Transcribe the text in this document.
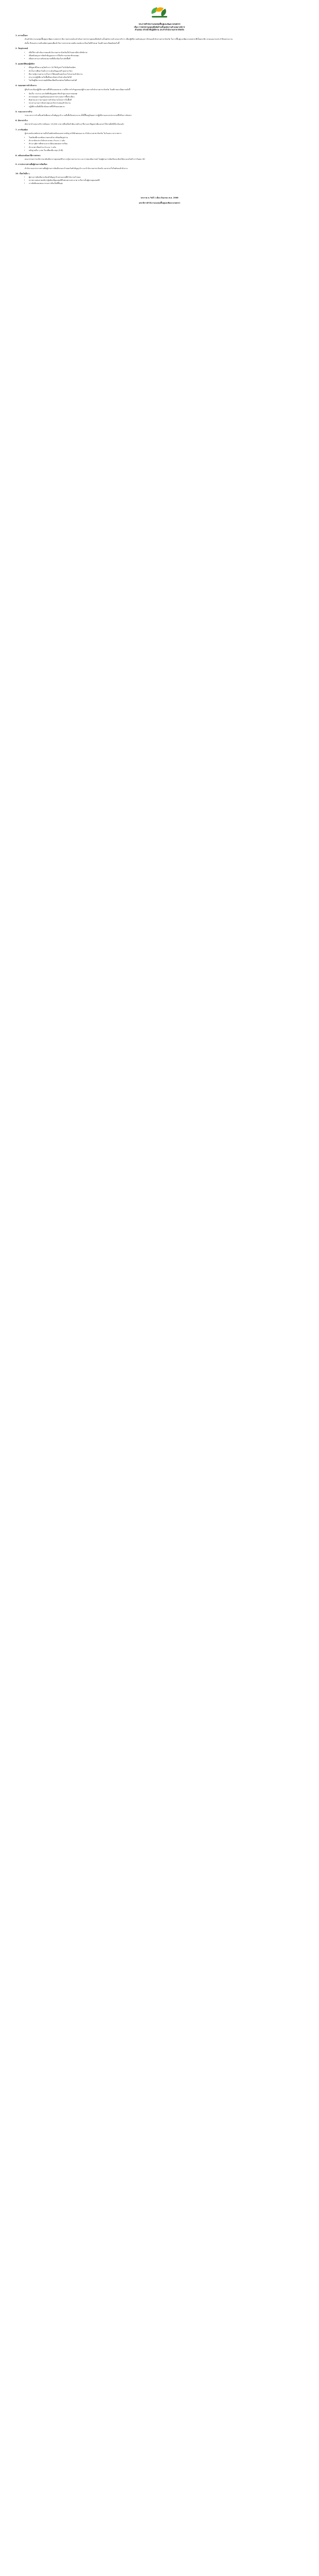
ประกาศสำนักงานกองทุนฟื้นฟูและพัฒนาเกษตรกร
เรื่อง การสรรหาบุคคลเพื่อจัดจ้างเป็นพนักงานจ้างเหมาบริการ
ตำแหน่ง เจ้าหน้าที่ปฏิบัติงาน ประจำสำนักงานสาขาจังหวัด
1. ความเป็นมา

ด้วยสำนักงานกองทุนฟื้นฟูและพัฒนาเกษตรกร มีความประสงค์จะดำเนินการสรรหาบุคคลเพื่อจัดจ้างเป็นพนักงานจ้างเหมาบริการ เพื่อปฏิบัติงานสนับสนุนภารกิจของสำนักงานสาขาจังหวัด ในการฟื้นฟูและพัฒนาเกษตรกรที่เป็นสมาชิก ตามแผนงานประจำปีงบประมาณ

ดังนั้น จึงขอประกาศรับสมัครบุคคลเพื่อเข้ารับการสรรหาตามหลักเกณฑ์และเงื่อนไขที่กำหนด โดยมีรายละเอียดดังต่อไปนี้

2. วัตถุประสงค์
• เพื่อให้การดำเนินงานของสำนักงานสาขาจังหวัดเป็นไปอย่างมีประสิทธิภาพ
• เพื่อสนับสนุนการจัดทำข้อมูลและการให้บริการแก่สมาชิกกองทุน
• เพื่อประสานงานกับหน่วยงานที่เกี่ยวข้องในระดับพื้นที่
3. คุณสมบัติของผู้สมัคร
• มีสัญชาติไทย อายุไม่ต่ำกว่า 20 ปีบริบูรณ์ ในวันปิดรับสมัคร
• สำเร็จการศึกษาไม่ต่ำกว่าระดับปริญญาตรี ทุกสาขาวิชา
• มีความรู้ความสามารถในการใช้คอมพิวเตอร์และโปรแกรมสำนักงาน
• สามารถปฏิบัติงานในพื้นที่และเดินทางไปต่างจังหวัดได้
• ไม่เป็นผู้มีความประพฤติเสื่อมเสียหรือบกพร่องในศีลธรรมอันดี
4. ขอบเขตการดำเนินงาน

ผู้รับจ้างจะต้องปฏิบัติงานตามที่ได้รับมอบหมาย ภายใต้การกำกับดูแลของผู้อำนวยการสำนักงานสาขาจังหวัด โดยมีรายละเอียดงานดังนี้

• จัดเก็บ รวบรวม และบันทึกข้อมูลสมาชิกเข้าสู่ระบบสารสนเทศ
• ตรวจสอบความถูกต้องของเอกสารประกอบการขึ้นทะเบียน
• ติดตามและรายงานผลการดำเนินงานโครงการในพื้นที่
• ประสานงานการจัดประชุมและกิจกรรมของสำนักงาน
• ปฏิบัติงานอื่นที่เกี่ยวข้องตามที่ได้รับมอบหมาย
5. ระยะเวลาการจ้าง

ระยะเวลาการจ้างตั้งแต่วันที่ลงนามในสัญญาจ้าง จนถึงสิ้นปีงบประมาณ ทั้งนี้ขึ้นอยู่กับผลการปฏิบัติงานและงบประมาณที่ได้รับการจัดสรร

6. อัตราค่าจ้าง

อัตราค่าจ้างเหมาบริการเดือนละ 15,000 บาท (หนึ่งหมื่นห้าพันบาทถ้วน) ซึ่งรวมภาษีมูลค่าเพิ่มและค่าใช้จ่ายอื่นที่เกี่ยวข้องแล้ว

7. การรับสมัคร

ผู้ประสงค์จะสมัครสามารถยื่นใบสมัครพร้อมเอกสารหลักฐานได้ด้วยตนเอง ณ สำนักงานสาขาจังหวัด ในวันและเวลาราชการ

• ใบสมัครที่กรอกข้อความครบถ้วน พร้อมติดรูปถ่าย
• สำเนาบัตรประจำตัวประชาชน จำนวน 1 ฉบับ
• สำเนาวุฒิการศึกษาและระเบียนแสดงผลการเรียน
• สำเนาทะเบียนบ้าน จำนวน 1 ฉบับ
• หลักฐานอื่น ๆ เช่น ใบเปลี่ยนชื่อ-สกุล (ถ้ามี)
8. หลักเกณฑ์และวิธีการสรรหา

คณะกรรมการจะพิจารณาคัดเลือกจากคุณสมบัติ ความรู้ความสามารถ และการสอบสัมภาษณ์ โดยผู้ผ่านการคัดเลือกจะต้องได้คะแนนไม่ต่ำกว่าร้อยละ 60

9. การประกาศรายชื่อผู้ผ่านการคัดเลือก

สำนักงานจะประกาศรายชื่อผู้ผ่านการคัดเลือกและกำหนดวันทำสัญญาจ้าง ณ สำนักงานสาขาจังหวัด และทางเว็บไซต์ของสำนักงาน

10. เงื่อนไขอื่น ๆ
• ผู้ผ่านการคัดเลือกจะต้องทำสัญญาจ้างตามแบบที่สำนักงานกำหนด
• หากตรวจพบภายหลังว่าผู้สมัครมีคุณสมบัติไม่ตรงตามประกาศ จะถือว่าเป็นผู้ขาดคุณสมบัติ
• การตัดสินของคณะกรรมการถือเป็นที่สิ้นสุด
ประกาศ ณ วันที่ 1 เดือน มิถุนายน พ.ศ. 2566
เลขาธิการสำนักงานกองทุนฟื้นฟูและพัฒนาเกษตรกร
